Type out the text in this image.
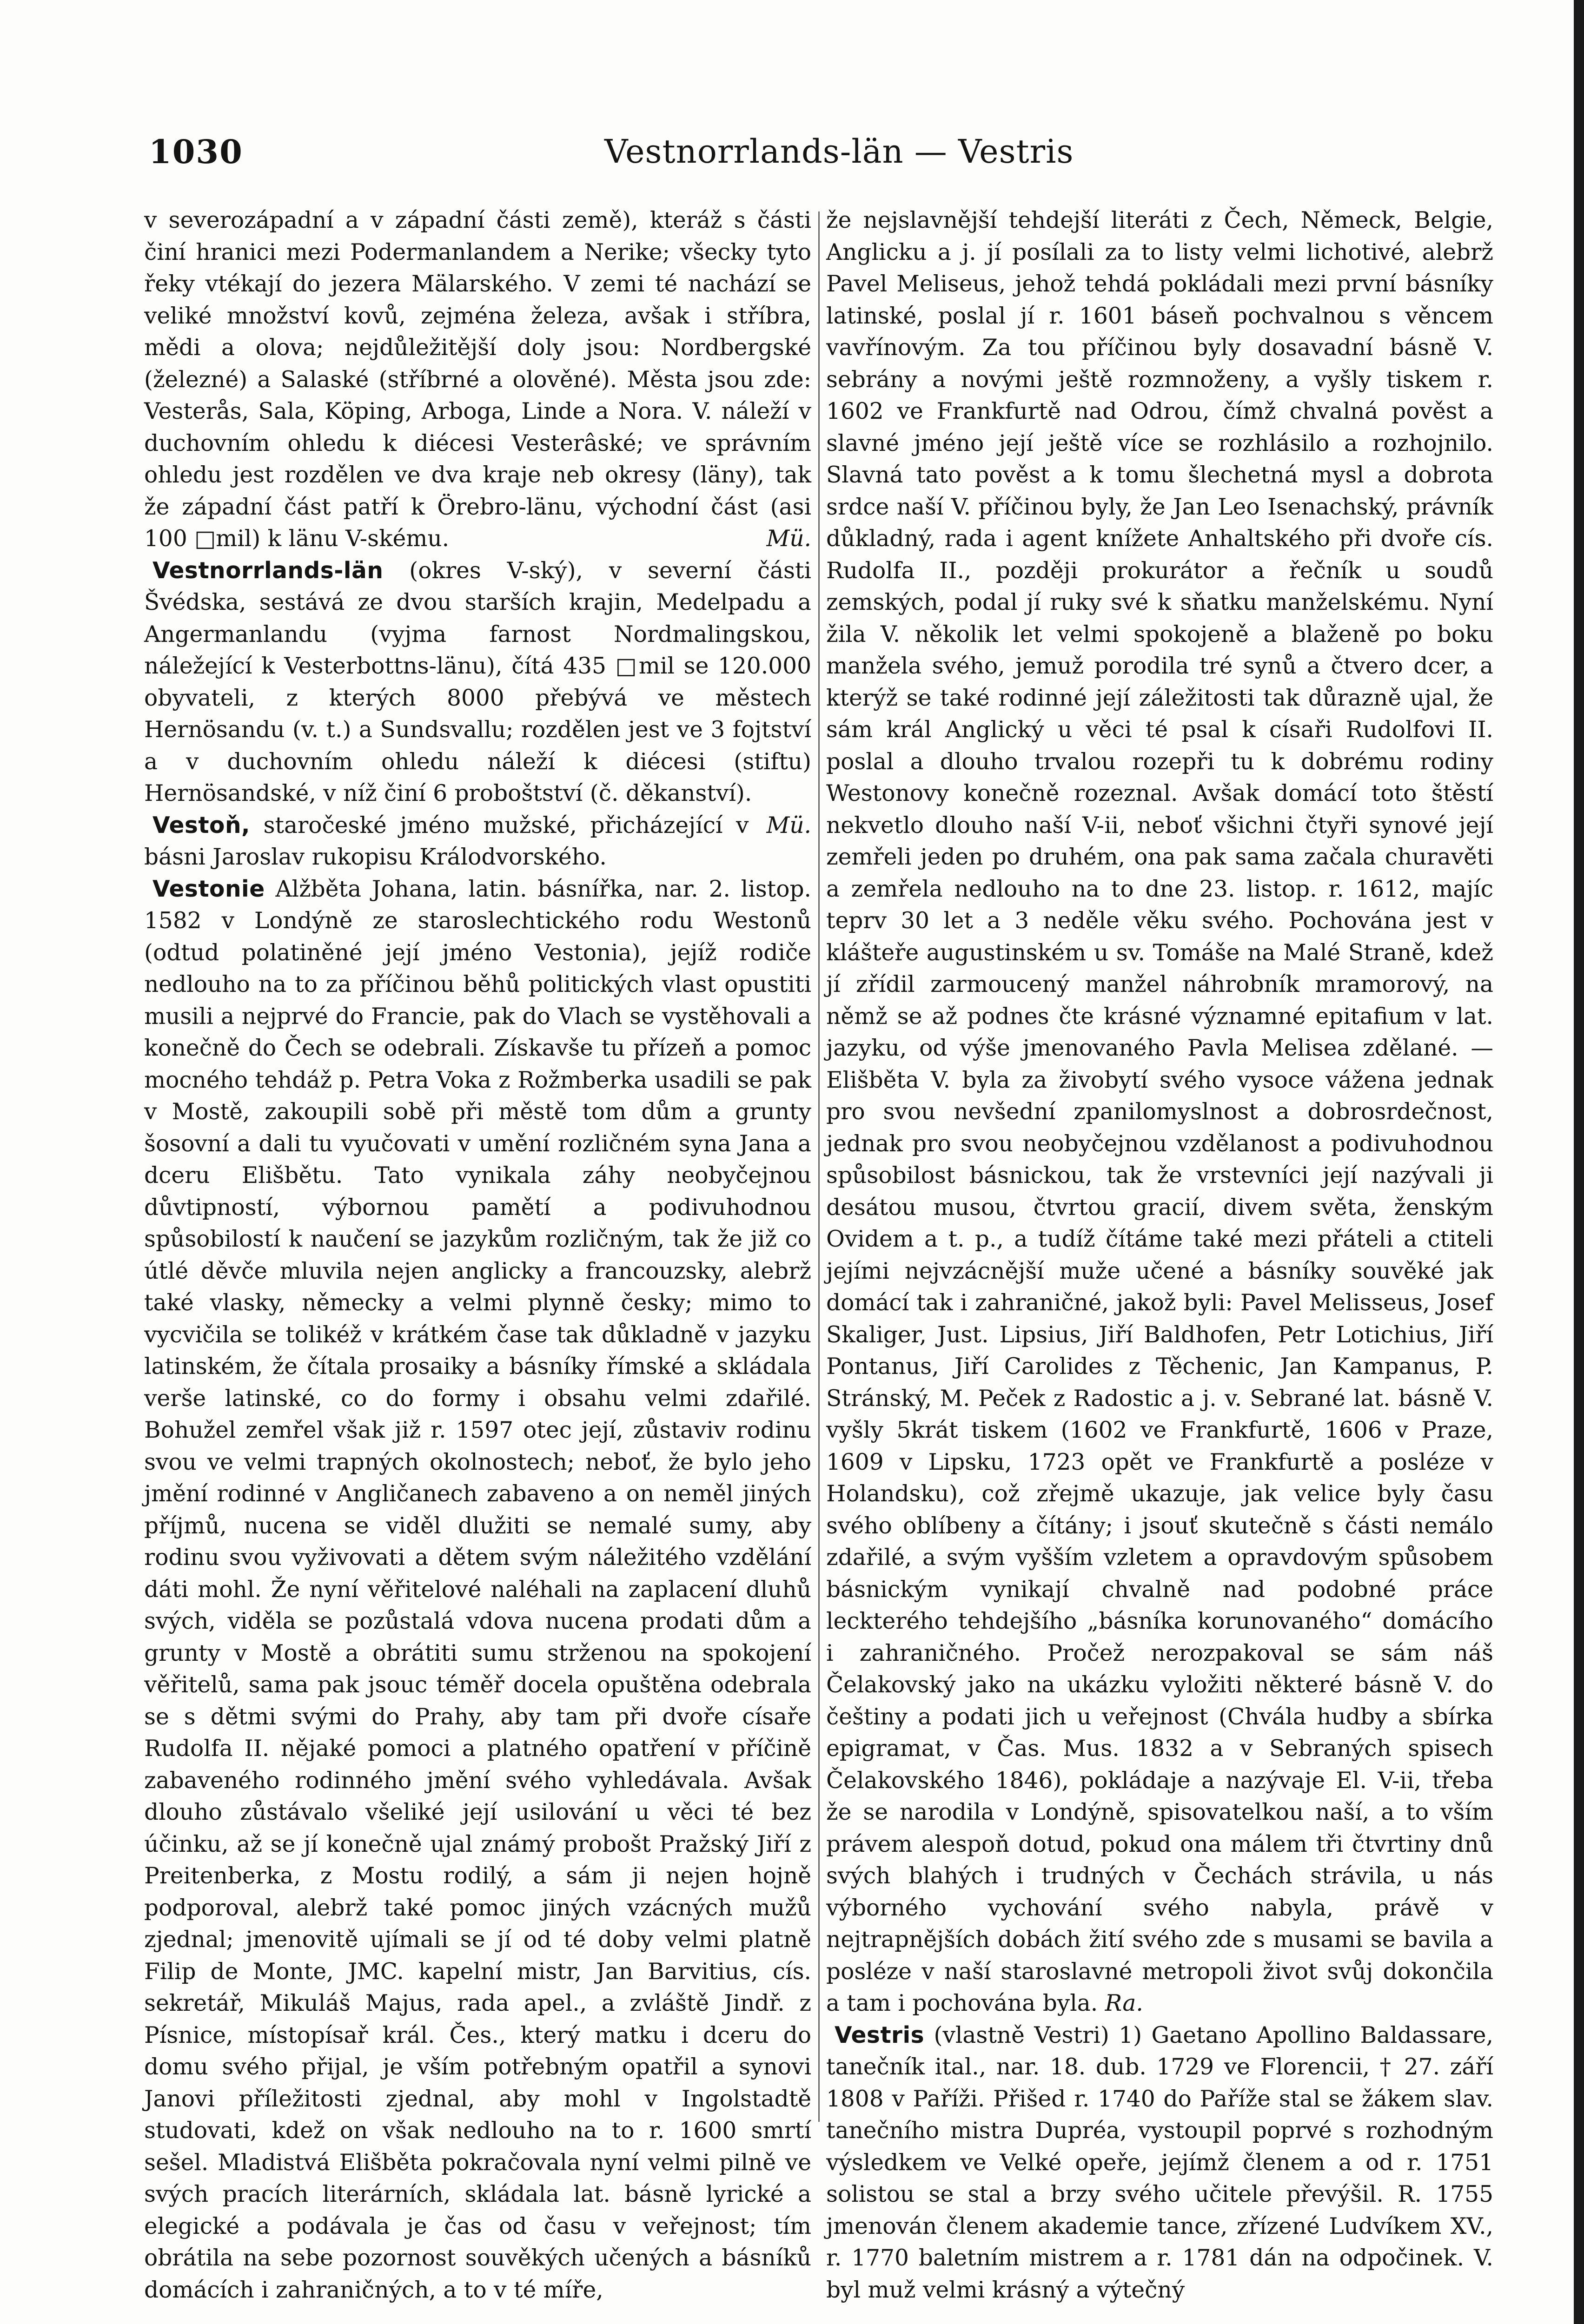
1030	Vestnorrlands-län — Vestris

v severozápadní a v západní části země), kteráž s části činí hranici mezi Podermanlandem a Nerike; všecky tyto řeky vtékají do jezera Mälarského. V zemi té nachází se veliké množství kovů, zejména železa, avšak i stříbra, mědi a olova; nejdůležitější doly jsou: Nordbergské (železné) a Salaské (stříbrné a olověné). Města jsou zde: Vesterås, Sala, Köping, Arboga, Linde a Nora. V. náleží v duchovním ohledu k diécesi Vesterâské; ve správním ohledu jest rozdělen ve dva kraje neb okresy (läny), tak že západní část patří k Örebro-länu, východní část (asi 100 □mil) k länu V-skému.	Mü.

Vestnorrlands-län (okres V-ský), v severní části Švédska, sestává ze dvou starších krajin, Medelpadu a Angermanlandu (vyjma farnost Nordmalingskou, náležející k Vesterbottns-länu), čítá 435 □mil se 120.000 obyvateli, z kterých 8000 přebývá ve městech Hernösandu (v. t.) a Sundsvallu; rozdělen jest ve 3 fojtství a v duchovním ohledu náleží k diécesi (stiftu) Hernösandské, v níž činí 6 proboštství (č. děkanství).
Mü.

Vestoň, staročeské jméno mužské, přicházející v básni Jaroslav rukopisu Králodvorského.

Vestonie Alžběta Johana, latin. básnířka, nar. 2. listop. 1582 v Londýně ze staroslechtického rodu Westonů (odtud polatiněné její jméno Vestonia), jejíž rodiče nedlouho na to za příčinou běhů politických vlast opustiti musili a nejprvé do Francie, pak do Vlach se vystěhovali a konečně do Čech se odebrali. Získavše tu přízeň a pomoc mocného tehdáž p. Petra Voka z Rožmberka usadili se pak v Mostě, zakoupili sobě při městě tom dům a grunty šosovní a dali tu vyučovati v umění rozličném syna Jana a dceru Elišbětu. Tato vynikala záhy neobyčejnou důvtipností, výbornou pamětí a podivuhodnou spůsobilostí k naučení se jazykům rozličným, tak že již co útlé děvče mluvila nejen anglicky a francouzsky, alebrž také vlasky, německy a velmi plynně česky; mimo to vycvičila se tolikéž v krátkém čase tak důkladně v jazyku latinském, že čítala prosaiky a básníky římské a skládala verše latinské, co do formy i obsahu velmi zdařilé. Bohužel zemřel však již r. 1597 otec její, zůstaviv rodinu svou ve velmi trapných okolnostech; neboť, že bylo jeho jmění rodinné v Angličanech zabaveno a on neměl jiných příjmů, nucena se viděl dlužiti se nemalé sumy, aby rodinu svou vyživovati a dětem svým náležitého vzdělání dáti mohl. Že nyní věřitelové naléhali na zaplacení dluhů svých, viděla se pozůstalá vdova nucena prodati dům a grunty v Mostě a obrátiti sumu strženou na spokojení věřitelů, sama pak jsouc téměř docela opuštěna odebrala se s dětmi svými do Prahy, aby tam při dvoře císaře Rudolfa II. nějaké pomoci a platného opatření v příčině zabaveného rodinného jmění svého vyhledávala. Avšak dlouho zůstávalo všeliké její usilování u věci té bez účinku, až se jí konečně ujal známý probošt Pražský Jiří z Preitenberka, z Mostu rodilý, a sám ji nejen hojně podporoval, alebrž také pomoc jiných vzácných mužů zjednal; jmenovitě ujímali se jí od té doby velmi platně Filip de Monte, JMC. kapelní mistr, Jan Barvitius, cís. sekretář, Mikuláš Majus, rada apel., a zvláště Jindř. z Písnice, místopísař král. Čes., který matku i dceru do domu svého přijal, je vším potřebným opatřil a synovi Janovi příležitosti zjednal, aby mohl v Ingolstadtě studovati, kdež on však nedlouho na to r. 1600 smrtí sešel. Mladistvá Elišbětа pokračovala nyní velmi pilně ve svých pracích literárních, skládala lat. básně lyrické a elegické a podávala je čas od času v veřejnost; tím obrátila na sebe pozornost souvěkých učených a básníků domácích i zahraničných, a to v té míře,

že nejslavnější tehdejší literáti z Čech, Německ, Belgie, Anglicku a j. jí posílali za to listy velmi lichotivé, alebrž Pavel Meliseus, jehož tehdá pokládali mezi první básníky latinské, poslal jí r. 1601 báseň pochvalnou s věncem vavřínovým. Za tou příčinou byly dosavadní básně V. sebrány a novými ještě rozmnoženy, a vyšly tiskem r. 1602 ve Frankfurtě nad Odrou, čímž chvalná pověst a slavné jméno její ještě více se rozhlásilo a rozhojnilo. Slavná tato pověst a k tomu šlechetná mysl a dobrota srdce naší V. příčinou byly, že Jan Leo Isenachský, právník důkladný, rada i agent knížete Anhaltského při dvoře cís. Rudolfa II., později prokurátor a řečník u soudů zemských, podal jí ruky své k sňatku manželskému. Nyní žila V. několik let velmi spokojeně a blaženě po boku manžela svého, jemuž porodila tré synů a čtvero dcer, a kterýž se také rodinné její záležitosti tak důrazně ujal, že sám král Anglický u věci té psal k císaři Rudolfovi II. poslal a dlouho trvalou rozepři tu k dobrému rodiny Westonovy konečně rozeznal. Avšak domácí toto štěstí nekvetlo dlouho naší V-ii, neboť všichni čtyři synové její zemřeli jeden po druhém, ona pak sama začala churavěti a zemřela nedlouho na to dne 23. listop. r. 1612, majíc teprv 30 let a 3 neděle věku svého. Pochována jest v klášteře augustinském u sv. Tomáše na Malé Straně, kdež jí zřídil zarmoucený manžel náhrobník mramorový, na němž se až podnes čte krásné významné epitafium v lat. jazyku, od výše jmenovaného Pavla Melisea zdělané. — Elišbětа V. byla za živobytí svého vysoce vážena jednak pro svou nevšední zpanilomyslnost a dobrosrdečnost, jednak pro svou neobyčejnou vzdělanost a podivuhodnou spůsobilost básnickou, tak že vrstevníci její nazývali ji desátou musou, čtvrtou gracií, divem světa, ženským Ovidem a t. p., a tudíž čítáme také mezi přáteli a ctiteli jejími nejvzácnější muže učené a básníky souvěké jak domácí tak i zahraničné, jakož byli: Pavel Melisseus, Josef Skaliger, Just. Lipsius, Jiří Baldhofen, Petr Lotichius, Jiří Pontanus, Jiří Carolides z Těchenic, Jan Kampanus, P. Stránský, M. Peček z Radostic a j. v. Sebrané lat. básně V. vyšly 5krát tiskem (1602 ve Frankfurtě, 1606 v Praze, 1609 v Lipsku, 1723 opět ve Frankfurtě a posléze v Holandsku), což zřejmě ukazuje, jak velice byly času svého oblíbeny a čítány; i jsouť skutečně s části nemálo zdařilé, a svým vyšším vzletem a opravdovým spůsobem básnickým vynikají chvalně nad podobné práce leckterého tehdejšího „básníka korunovaného“ domácího i zahraničného. Pročež nerozpakoval se sám náš Čelakovský jako na ukázku vyložiti některé básně V. do češtiny a podati jich u veřejnost (Chvála hudby a sbírka epigramat, v Čas. Mus. 1832 a v Sebraných spisech Čelakovského 1846), pokládaje a nazývaje El. V-ii, třeba že se narodila v Londýně, spisovatelkou naší, a to vším právem alespoň dotud, pokud ona málem tři čtvrtiny dnů svých blahých i trudných v Čechách strávila, u nás výborného vychování svého nabyla, právě v nejtrapnějších dobách žití svého zde s musami se bavila a posléze v naší staroslavné metropoli život svůj dokončila a tam i pochována byla. Ra.

Vestris (vlastně Vestri) 1) Gaetano Apollino Baldassare, tanečník ital., nar. 18. dub. 1729 ve Florencii, † 27. září 1808 v Paříži. Přišed r. 1740 do Paříže stal se žákem slav. tanečního mistra Dupréa, vystoupil poprvé s rozhodným výsledkem ve Velké opeře, jejímž členem a od r. 1751 solistou se stal a brzy svého učitele převýšil. R. 1755 jmenován členem akademie tance, zřízené Ludvíkem XV., r. 1770 baletním mistrem a r. 1781 dán na odpočinek. V. byl muž velmi krásný a výtečný
